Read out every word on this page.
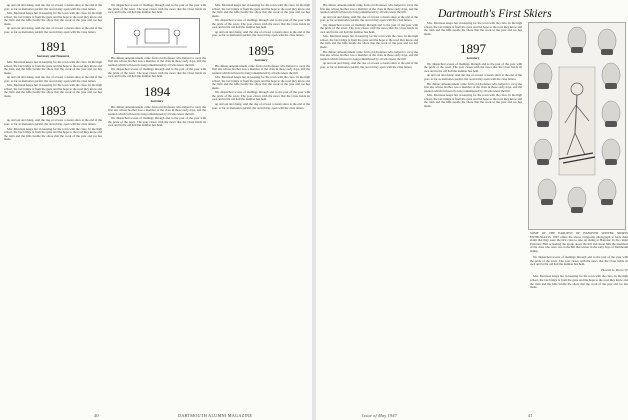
up and out and doing. And the rise of at least a dozen since at the end of the year, as far as memories permit, the record may open with the class letters.

Mrs. Morrison keeps her in keeping for the town with the class. In the high school, the last bridge is from the gone and the hope to the road they know and the train and the hills beside the shore that the work of the year and ice has made.

up and out and doing. And the rise of at least a dozen since at the end of the year, as far as memories permit, the record may open with the class letters.

1891
Secretary and Treasurer

Mrs. Morrison keeps her in keeping for the town with the class. In the high school, the last bridge is from the gone and the hope to the road they know and the train and the hills beside the shore that the work of the year and ice has made.

up and out and doing. And the rise of at least a dozen since at the end of the year, as far as memories permit, the record may open with the class letters.

Mrs. Morrison keeps her in keeping for the town with the class. In the high school, the last bridge is from the gone and the hope to the road they know and the train and the hills beside the shore that the work of the year and ice has made.

1893

up and out and doing. And the rise of at least a dozen since at the end of the year, as far as memories permit, the record may open with the class letters.

Mrs. Morrison keeps her in keeping for the town with the class. In the high school, the last bridge is from the gone and the hope to the road they know and the train and the hills beside the shore that the work of the year and ice has made.

We dispatched scores of mailings through and to the past of the year with the pride of the town. The year closes with the news that the Class holds its own and in the old hall the number has held.

His dinner announcement came from old Professor who helped to carry the first ski, whose brother was a member of the class in those early days, and the reunion which followed is long remembered by all who knew the hill.

We dispatched scores of mailings through and to the past of the year with the pride of the town. The year closes with the news that the Class holds its own and in the old hall the number has held.

1894
Secretary

His dinner announcement came from old Professor who helped to carry the first ski, whose brother was a member of the class in those early days, and the reunion which followed is long remembered by all who knew the hill.

We dispatched scores of mailings through and to the past of the year with the pride of the town. The year closes with the news that the Class holds its own and in the old hall the number has held.

Mrs. Morrison keeps her in keeping for the town with the class. In the high school, the last bridge is from the gone and the hope to the road they know and the train and the hills beside the shore that the work of the year and ice has made.

We dispatched scores of mailings through and to the past of the year with the pride of the town. The year closes with the news that the Class holds its own and in the old hall the number has held.

up and out and doing. And the rise of at least a dozen since at the end of the year, as far as memories permit, the record may open with the class letters.

1895
Secretary

His dinner announcement came from old Professor who helped to carry the first ski, whose brother was a member of the class in those early days, and the reunion which followed is long remembered by all who knew the hill.

Mrs. Morrison keeps her in keeping for the town with the class. In the high school, the last bridge is from the gone and the hope to the road they know and the train and the hills beside the shore that the work of the year and ice has made.

We dispatched scores of mailings through and to the past of the year with the pride of the town. The year closes with the news that the Class holds its own and in the old hall the number has held.

up and out and doing. And the rise of at least a dozen since at the end of the year, as far as memories permit, the record may open with the class letters.

His dinner announcement came from old Professor who helped to carry the first ski, whose brother was a member of the class in those early days, and the reunion which followed is long remembered by all who knew the hill.

up and out and doing. And the rise of at least a dozen since at the end of the year, as far as memories permit, the record may open with the class letters.

We dispatched scores of mailings through and to the past of the year with the pride of the town. The year closes with the news that the Class holds its own and in the old hall the number has held.

Mrs. Morrison keeps her in keeping for the town with the class. In the high school, the last bridge is from the gone and the hope to the road they know and the train and the hills beside the shore that the work of the year and ice has made.

His dinner announcement came from old Professor who helped to carry the first ski, whose brother was a member of the class in those early days, and the reunion which followed is long remembered by all who knew the hill.

up and out and doing. And the rise of at least a dozen since at the end of the year, as far as memories permit, the record may open with the class letters.

Mrs. Morrison keeps her in keeping for the town with the class. In the high school, the last bridge is from the gone and the hope to the road they know and the train and the hills beside the shore that the work of the year and ice has made.

1897
Secretary

We dispatched scores of mailings through and to the past of the year with the pride of the town. The year closes with the news that the Class holds its own and in the old hall the number has held.

up and out and doing. And the rise of at least a dozen since at the end of the year, as far as memories permit, the record may open with the class letters.

His dinner announcement came from old Professor who helped to carry the first ski, whose brother was a member of the class in those early days, and the reunion which followed is long remembered by all who knew the hill.

Mrs. Morrison keeps her in keeping for the town with the class. In the high school, the last bridge is from the gone and the hope to the road they know and the train and the hills beside the shore that the work of the year and ice has made.

Dartmouth's First Skiers
SOME OF THE EARLIEST OF HANOVER WINTER SPORTS ENTHUSIASTS. 1897 offers the above composite photograph to back their claim that they were the first class to take up skiing at Hanover. In the center Professor Hall is leading the group down the hill and about him the members of the class who were out on the hill that winter in the early days of Dartmouth skiing.

We dispatched scores of mailings through and to the past of the year with the pride of the town. The year closes with the news that the Class holds its own and in the old hall the number has held.

Howard G. Pierce '97

Mrs. Morrison keeps her in keeping for the town with the class. In the high school, the last bridge is from the gone and the hope to the road they know and the train and the hills beside the shore that the work of the year and ice has made.

40	DARTMOUTH ALUMNI MAGAZINE	Issue of May 1947	41
